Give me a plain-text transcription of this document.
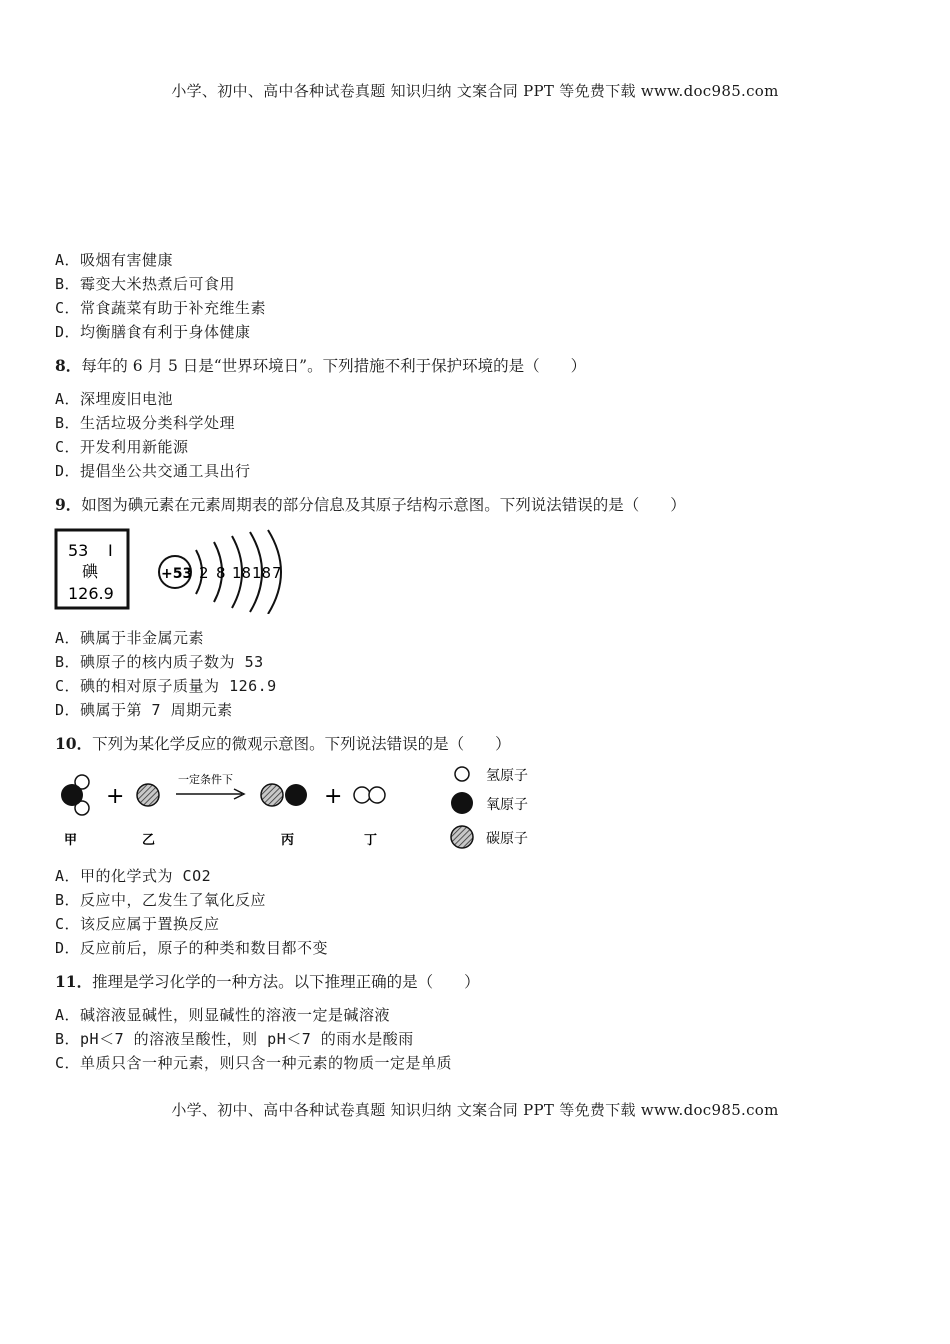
小学、初中、高中各种试卷真题 知识归纳 文案合同 PPT 等免费下载 www.doc985.com
A．吸烟有害健康
B．霉变大米热煮后可食用
C．常食蔬菜有助于补充维生素
D．均衡膳食有利于身体健康
8．每年的 6 月 5 日是“世界环境日”。下列措施不利于保护环境的是（　　）
A．深埋废旧电池
B．生活垃圾分类科学处理
C．开发利用新能源
D．提倡坐公共交通工具出行
9．如图为碘元素在元素周期表的部分信息及其原子结构示意图。下列说法错误的是（　　）
53 I
碘
126.9
+53 2 8 18 18 7
A．碘属于非金属元素
B．碘原子的核内质子数为 53
C．碘的相对原子质量为 126.9
D．碘属于第 7 周期元素
10．下列为某化学反应的微观示意图。下列说法错误的是（　　）
+
一定条件下
+
甲	乙	丙	丁
氢原子
氧原子
碳原子
A．甲的化学式为 CO2
B．反应中，乙发生了氧化反应
C．该反应属于置换反应
D．反应前后，原子的种类和数目都不变
11．推理是学习化学的一种方法。以下推理正确的是（　　）
A．碱溶液显碱性，则显碱性的溶液一定是碱溶液
B．pH＜7 的溶液呈酸性，则 pH＜7 的雨水是酸雨
C．单质只含一种元素，则只含一种元素的物质一定是单质
小学、初中、高中各种试卷真题 知识归纳 文案合同 PPT 等免费下载 www.doc985.com
